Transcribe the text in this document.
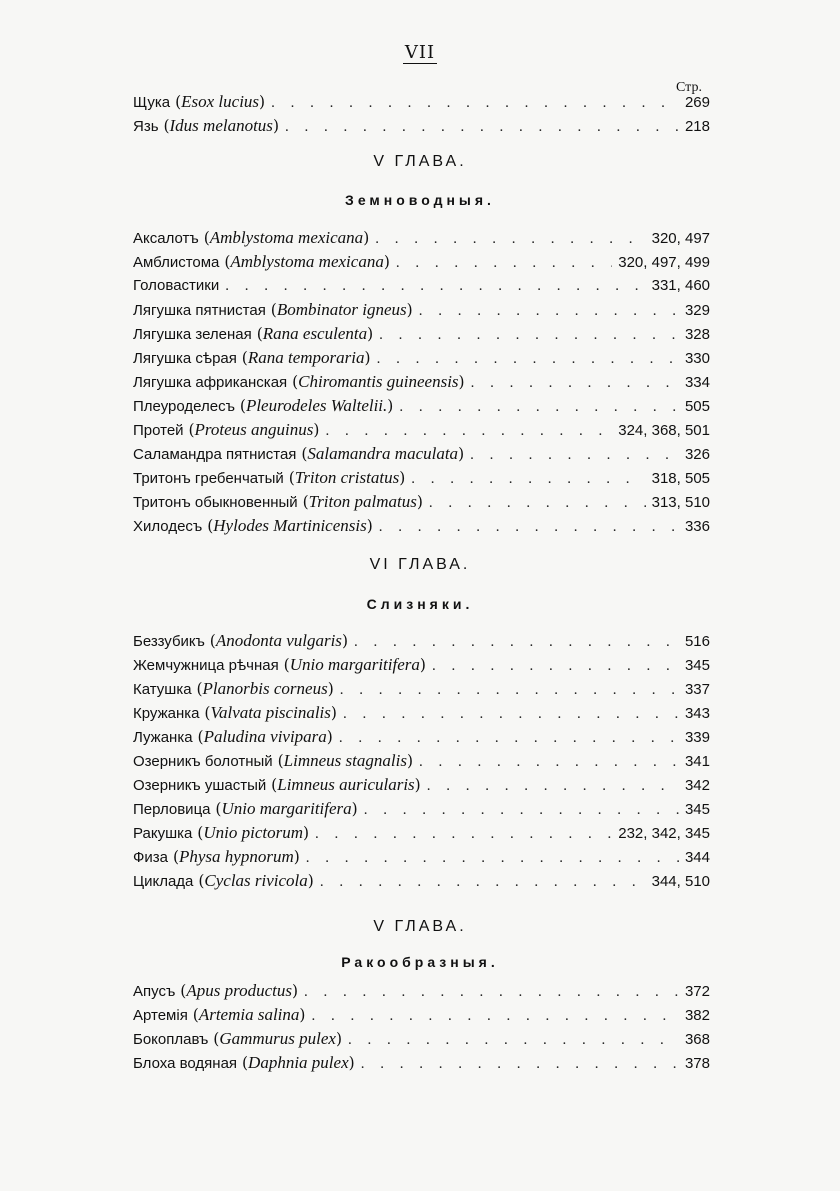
VII
Стр.
Щука ( Esox lucius ) . . .	269
Язь ( Idus melanotus ) . . .	218
V ГЛАВА.
Земноводныя.
Аксалотъ ( Amblystoma mexicana ) . . .	320, 497
Амблистома ( Amblystoma mexicana ) . . .	320, 497, 499
Головастики . . .	331, 460
Лягушка пятнистая ( Bombinator igneus ) . . .	329
Лягушка зеленая ( Rana esculenta ) . . .	328
Лягушка сѣрая ( Rana temporaria ) . . .	330
Лягушка африканская ( Chiromantis guineensis ) . . .	334
Плеуроделесъ ( Pleurodeles Waltelii. ) . . .	505
Протей ( Proteus anguinus ) . . .	324, 368, 501
Саламандра пятнистая ( Salamandra maculata ) . . .	326
Тритонъ гребенчатый ( Triton cristatus ) . . .	318, 505
Тритонъ обыкновенный ( Triton palmatus ) . . .	313, 510
Хилодесъ ( Hylodes Martinicensis ) . . .	336
VI ГЛАВА.
Слизняки.
Беззубикъ ( Anodonta vulgaris ) . . .	516
Жемчужница рѣчная ( Unio margaritifera ) . . .	345
Катушка ( Planorbis corneus ) . . .	337
Кружанка ( Valvata piscinalis ) . . .	343
Лужанка ( Paludina vivipara ) . . .	339
Озерникъ болотный ( Limneus stagnalis ) . . .	341
Озерникъ ушастый ( Limneus auricularis ) . . .	342
Перловица ( Unio margaritifera ) . . .	345
Ракушка ( Unio pictorum ) . . .	232, 342, 345
Физа ( Physa hypnorum ) . . .	344
Циклада ( Cyclas rivicola ) . . .	344, 510
V ГЛАВА.
Ракообразныя.
Апусъ ( Apus productus ) . . .	372
Артемія ( Artemia salina ) . . .	382
Бокоплавъ ( Gammurus pulex ) . . .	368
Блоха водяная ( Daphnia pulex ) . . .	378
